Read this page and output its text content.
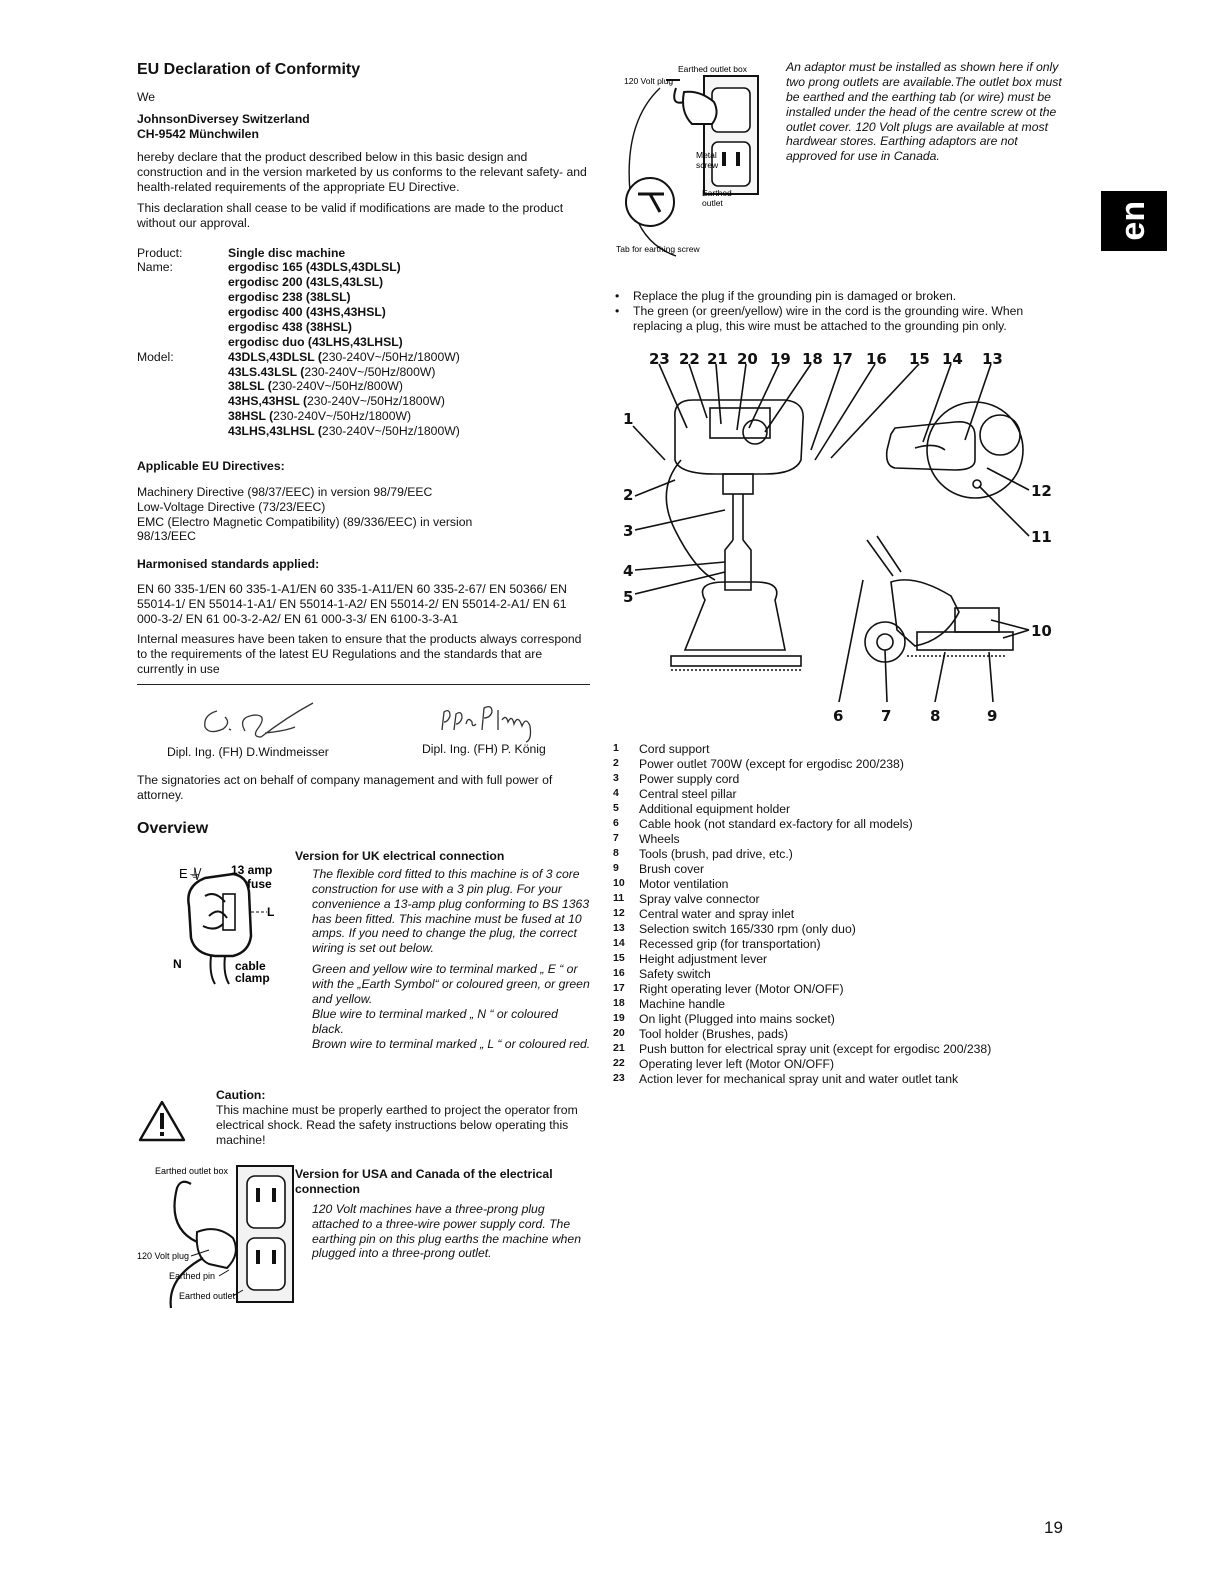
en
EU Declaration of Conformity

We

JohnsonDiversey Switzerland

CH-9542 Münchwilen

hereby declare that the product described below in this basic design and construction and in the version marketed by us conforms to the relevant safety- and health-related requirements of the appropriate EU Directive.

This declaration shall cease to be valid if modifications are made to the product without our approval.

Product:	Single disc machine
Name:	ergodisc 165 (43DLS,43DLSL)
ergodisc 200 (43LS,43LSL)
ergodisc 238 (38LSL)
ergodisc 400 (43HS,43HSL)
ergodisc 438 (38HSL)
ergodisc duo (43LHS,43LHSL)
Model:	43DLS,43DLSL (230-240V~/50Hz/1800W)
43LS.43LSL (230-240V~/50Hz/800W)
38LSL (230-240V~/50Hz/800W)
43HS,43HSL (230-240V~/50Hz/1800W)
38HSL (230-240V~/50Hz/1800W)
43LHS,43LHSL (230-240V~/50Hz/1800W)

Applicable EU Directives:

Machinery Directive (98/37/EEC) in version 98/79/EEC

Low-Voltage Directive (73/23/EEC)

EMC (Electro Magnetic Compatibility) (89/336/EEC) in version 98/13/EEC

Harmonised standards applied:

EN 60 335-1/EN 60 335-1-A1/EN 60 335-1-A11/EN 60 335-2-67/ EN 50366/ EN 55014-1/ EN 55014-1-A1/ EN 55014-1-A2/ EN 55014-2/ EN 55014-2-A1/ EN 61 000-3-2/ EN 61 00-3-2-A2/ EN 61 000-3-3/ EN 6100-3-3-A1

Internal measures have been taken to ensure that the products always correspond to the requirements of the latest EU Regulations and the standards that are currently in use

Dipl. Ing. (FH) D.Windmeisser	Dipl. Ing. (FH) P. König

The signatories act on behalf of company management and with full power of attorney.

Overview
E ⏚ 13 amp
fuse
L
N	cable
clamp

Version for UK electrical connection

The flexible cord fitted to this machine is of 3 core construction for use with a 3 pin plug. For your convenience a 13-amp plug conforming to BS 1363 has been fitted. This machine must be fused at 10 amps. If you need to change the plug, the correct wiring is set out below.

Green and yellow wire to terminal marked „ E “ or with the „Earth Symbol“ or coloured green, or green and yellow.

Blue wire to terminal marked „ N “ or coloured black.

Brown wire to terminal marked „ L “ or coloured red.

Caution:

This machine must be properly earthed to project the operator from electrical shock. Read the safety instructions below operating this machine!

Earthed outlet box
120 Volt plug
Earthed pin
Earthed outlet

Version for USA and Canada of the electrical

connection

120 Volt machines have a three-prong plug attached to a three-wire power supply cord. The earthing pin on this plug earths the machine when plugged into a three-prong outlet.

Earthed outlet box
120 Volt plug
Metal
screw
Earthed
outlet
Tab for earthing screw

An adaptor must be installed as shown here if only two prong outlets are available.The outlet box must be earthed and the earthing tab (or wire) must be installed under the head of the centre screw ot the outlet cover. 120 Volt plugs are available at most hardwear stores. Earthing adaptors are not approved for use in Canada.

•	Replace the plug if the grounding pin is damaged or broken.
•	The green (or green/yellow) wire in the cord is the grounding wire. When replacing a plug, this wire must be attached to the grounding pin only.
23 22 21 20 19 18 17 16 15 14 13
1
2
3
4
5
12
11
10
6	7	8	9
1	Cord support
2	Power outlet 700W (except for ergodisc 200/238)
3	Power supply cord
4	Central steel pillar
5	Additional equipment holder
6	Cable hook (not standard ex-factory for all models)
7	Wheels
8	Tools (brush, pad drive, etc.)
9	Brush cover
10	Motor ventilation
11	Spray valve connector
12	Central water and spray inlet
13	Selection switch 165/330 rpm (only duo)
14	Recessed grip (for transportation)
15	Height adjustment lever
16	Safety switch
17	Right operating lever (Motor ON/OFF)
18	Machine handle
19	On light (Plugged into mains socket)
20	Tool holder (Brushes, pads)
21	Push button for electrical spray unit (except for ergodisc 200/238)
22	Operating lever left (Motor ON/OFF)
23	Action lever for mechanical spray unit and water outlet tank
19
